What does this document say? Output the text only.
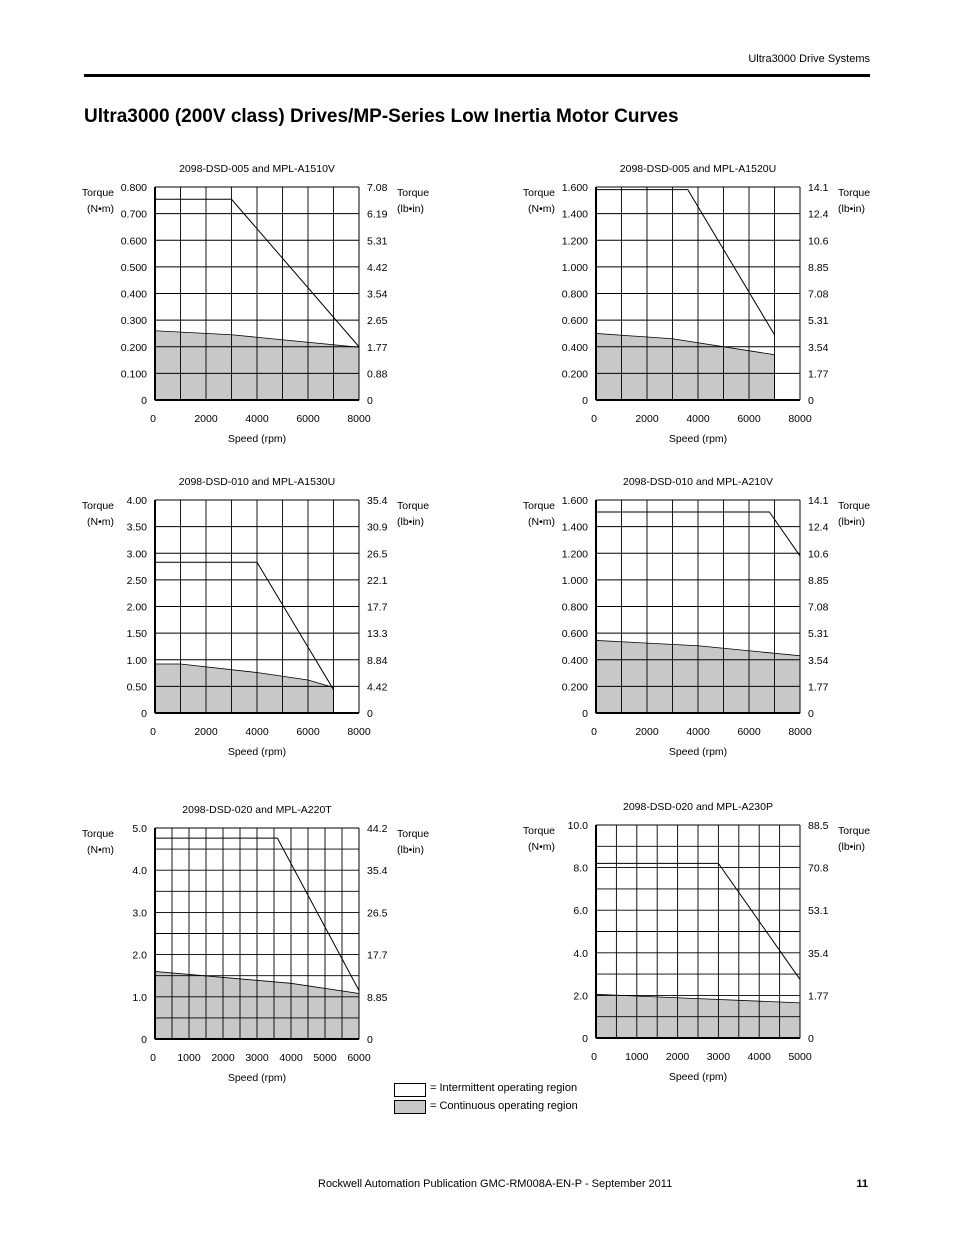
Ultra3000 Drive Systems
Ultra3000 (200V class) Drives/MP-Series Low Inertia Motor Curves
0
0.100
0.200
0.300
0.400
0.500
0.600
0.700
0.800
0
0.88
1.77
2.65
3.54
4.42
5.31
6.19
7.08
0	2000	4000	6000	8000
2098-DSD-005 and MPL-A1510V
Speed (rpm)
Torque
(N•m)
Torque
(lb•in)
0
0.200
0.400
0.600
0.800
1.000
1.200
1.400
1.600
0
1.77
3.54
5.31
7.08
8.85
10.6
12.4
14.1
0	2000	4000	6000	8000
2098-DSD-005 and MPL-A1520U
Speed (rpm)
Torque
(N•m)
Torque
(lb•in)
0
0.50
1.00
1.50
2.00
2.50
3.00
3.50
4.00
0
4.42
8.84
13.3
17.7
22.1
26.5
30.9
35.4
0	2000	4000	6000	8000
2098-DSD-010 and MPL-A1530U
Speed (rpm)
Torque
(N•m)
Torque
(lb•in)
0
0.200
0.400
0.600
0.800
1.000
1.200
1.400
1.600
0
1.77
3.54
5.31
7.08
8.85
10.6
12.4
14.1
0	2000	4000	6000	8000
2098-DSD-010 and MPL-A210V
Speed (rpm)
Torque
(N•m)
Torque
(lb•in)
0
1.0
2.0
3.0
4.0
5.0
0
8.85
17.7
26.5
35.4
44.2
0 1000 2000 3000 4000 5000 6000
2098-DSD-020 and MPL-A220T
Speed (rpm)
Torque
(N•m)
Torque
(lb•in)
0
2.0
4.0
6.0
8.0
10.0
0
1.77
35.4
53.1
70.8
88.5
0	1000 2000 3000 4000 5000
2098-DSD-020 and MPL-A230P
Speed (rpm)
Torque
(N•m)
Torque
(lb•in)
= Intermittent operating region
= Continuous operating region
Rockwell Automation Publication GMC-RM008A-EN-P - September 2011	11
